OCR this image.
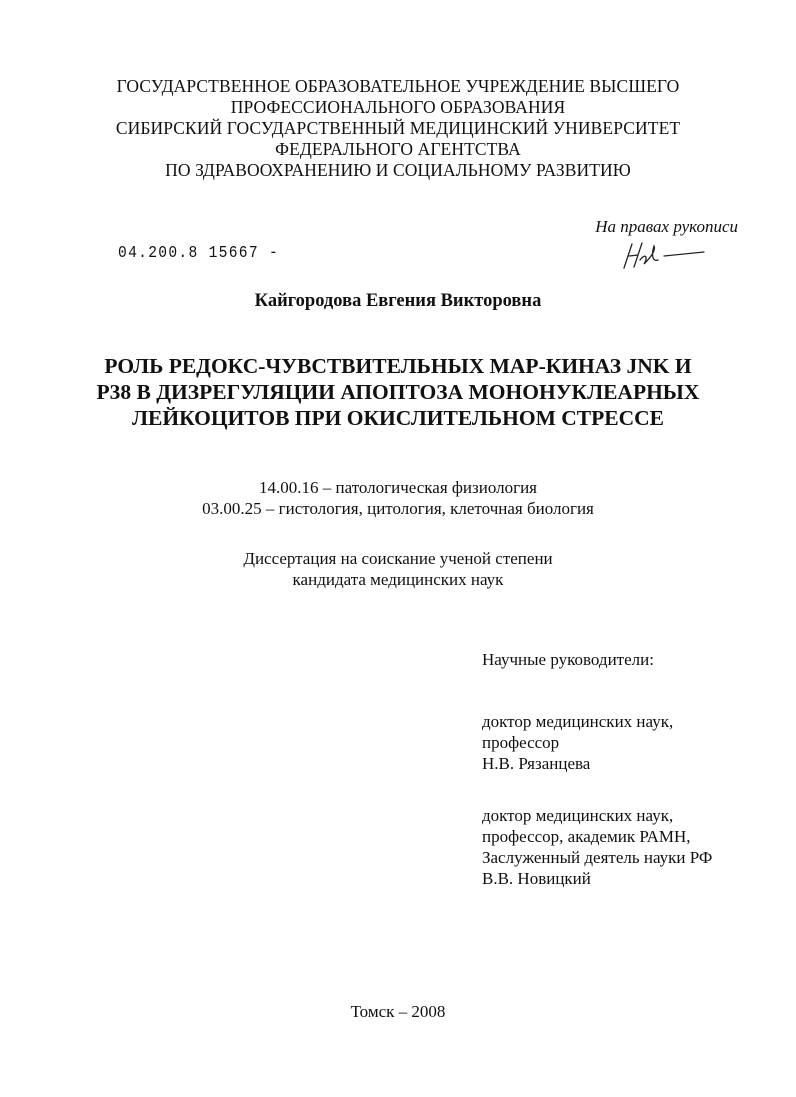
ГОСУДАРСТВЕННОЕ ОБРАЗОВАТЕЛЬНОЕ УЧРЕЖДЕНИЕ ВЫСШЕГО
ПРОФЕССИОНАЛЬНОГО ОБРАЗОВАНИЯ
СИБИРСКИЙ ГОСУДАРСТВЕННЫЙ МЕДИЦИНСКИЙ УНИВЕРСИТЕТ
ФЕДЕРАЛЬНОГО АГЕНТСТВА
ПО ЗДРАВООХРАНЕНИЮ И СОЦИАЛЬНОМУ РАЗВИТИЮ
На правах рукописи
04.200.8 15667 -
Кайгородова Евгения Викторовна
РОЛЬ РЕДОКС-ЧУВСТВИТЕЛЬНЫХ МАР-КИНАЗ JNK И
Р38 В ДИЗРЕГУЛЯЦИИ АПОПТОЗА МОНОНУКЛЕАРНЫХ
ЛЕЙКОЦИТОВ ПРИ ОКИСЛИТЕЛЬНОМ СТРЕССЕ
14.00.16 – патологическая физиология
03.00.25 – гистология, цитология, клеточная биология
Диссертация на соискание ученой степени
кандидата медицинских наук
Научные руководители:
доктор медицинских наук,
профессор
Н.В. Рязанцева
доктор медицинских наук,
профессор, академик РАМН,
Заслуженный деятель науки РФ
В.В. Новицкий
Томск – 2008
